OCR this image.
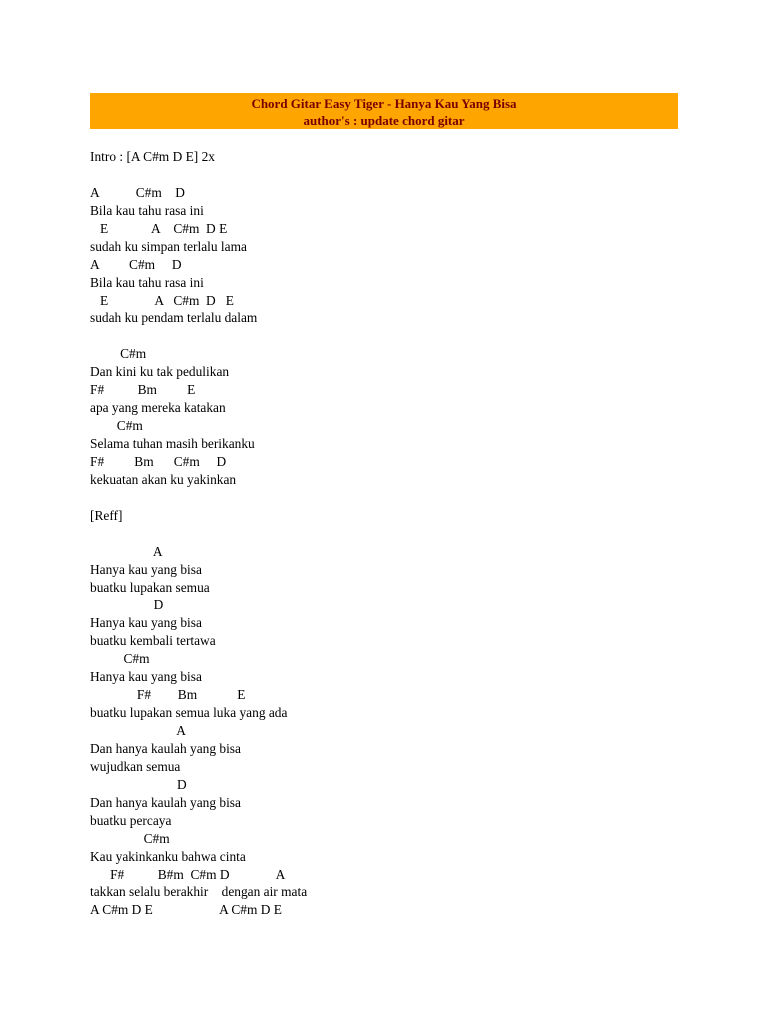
Chord Gitar Easy Tiger - Hanya Kau Yang Bisa
author's : update chord gitar
Intro : [A C#m D E] 2x
A           C#m    D
Bila kau tahu rasa ini
E             A    C#m  D E
sudah ku simpan terlalu lama
A         C#m     D
Bila kau tahu rasa ini
E              A   C#m  D   E
sudah ku pendam terlalu dalam
C#m
Dan kini ku tak pedulikan
F#          Bm         E
apa yang mereka katakan
C#m
Selama tuhan masih berikanku
F#         Bm      C#m     D
kekuatan akan ku yakinkan
[Reff]
A
Hanya kau yang bisa
buatku lupakan semua
D
Hanya kau yang bisa
buatku kembali tertawa
C#m
Hanya kau yang bisa
F#        Bm            E
buatku lupakan semua luka yang ada
A
Dan hanya kaulah yang bisa
wujudkan semua
D
Dan hanya kaulah yang bisa
buatku percaya
C#m
Kau yakinkanku bahwa cinta
F#          B#m  C#m D              A
takkan selalu berakhir    dengan air mata
A C#m D E                    A C#m D E
